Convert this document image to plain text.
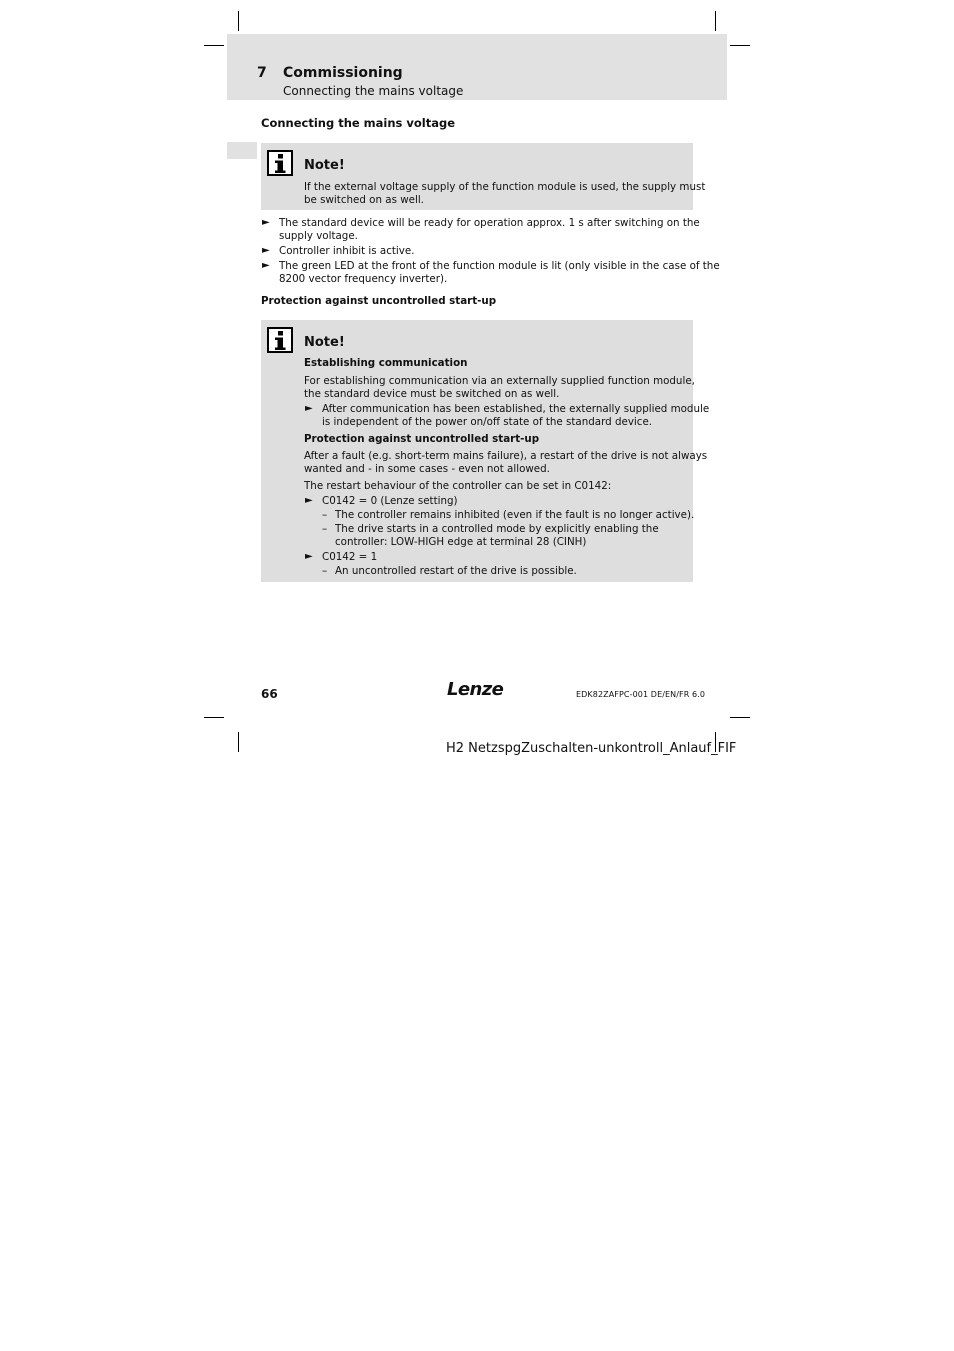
7 Commissioning
Connecting the mains voltage
Connecting the mains voltage
Note!
If the external voltage supply of the function module is used, the supply must
be switched on as well.
► The standard device will be ready for operation approx. 1 s after switching on the
supply voltage.
► Controller inhibit is active.
► The green LED at the front of the function module is lit (only visible in the case of the
8200 vector frequency inverter).
Protection against uncontrolled start-up
Note!
Establishing communication
For establishing communication via an externally supplied function module,
the standard device must be switched on as well.
► After communication has been established, the externally supplied module
is independent of the power on/off state of the standard device.
Protection against uncontrolled start-up
After a fault (e.g. short-term mains failure), a restart of the drive is not always
wanted and - in some cases - even not allowed.
The restart behaviour of the controller can be set in C0142:
► C0142 = 0 (Lenze setting)
– The controller remains inhibited (even if the fault is no longer active).
– The drive starts in a controlled mode by explicitly enabling the
controller: LOW-HIGH edge at terminal 28 (CINH)
► C0142 = 1
– An uncontrolled restart of the drive is possible.
66	Lenze	EDK82ZAFPC-001 DE/EN/FR 6.0
H2 NetzspgZuschalten-unkontroll_Anlauf_FIF
